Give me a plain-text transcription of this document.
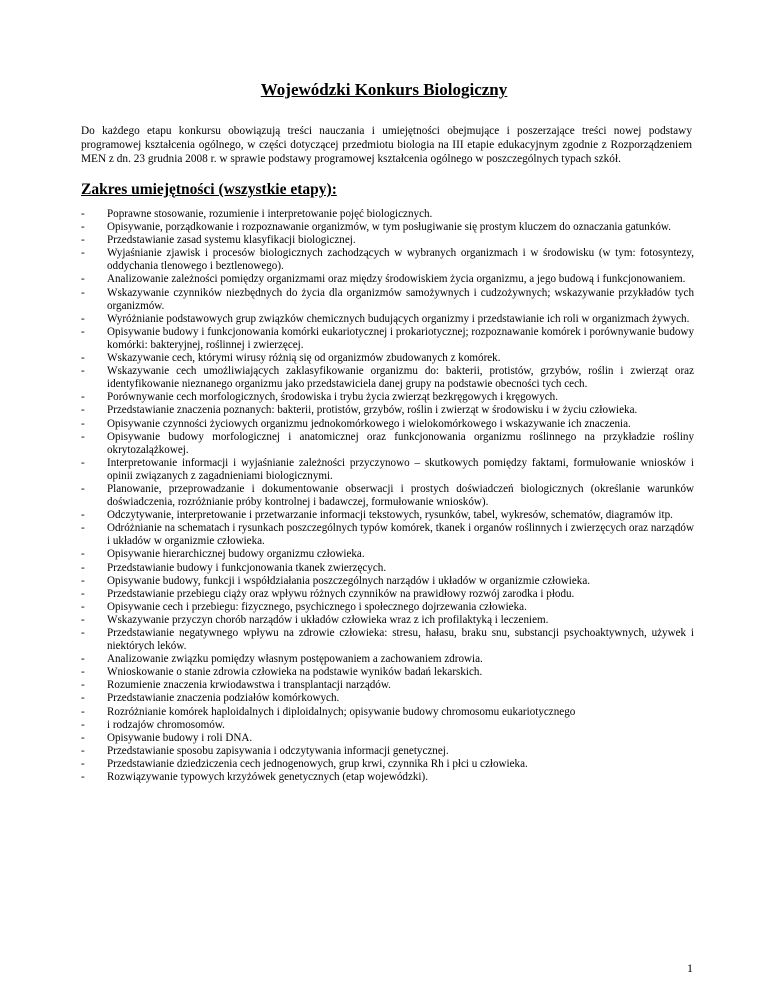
Wojewódzki Konkurs Biologiczny

Do każdego etapu konkursu obowiązują treści nauczania i umiejętności obejmujące i poszerzające treści nowej podstawy programowej kształcenia ogólnego, w części dotyczącej przedmiotu biologia na III etapie edukacyjnym zgodnie z Rozporządzeniem MEN z dn. 23 grudnia 2008 r. w sprawie podstawy programowej kształcenia ogólnego w poszczególnych typach szkół.

Zakres umiejętności (wszystkie etapy):
- Poprawne stosowanie, rozumienie i interpretowanie pojęć biologicznych.
- Opisywanie, porządkowanie i rozpoznawanie organizmów, w tym posługiwanie się prostym kluczem do oznaczania gatunków.
- Przedstawianie zasad systemu klasyfikacji biologicznej.
- Wyjaśnianie zjawisk i procesów biologicznych zachodzących w wybranych organizmach i w środowisku (w tym: fotosyntezy, oddychania tlenowego i beztlenowego).
- Analizowanie zależności pomiędzy organizmami oraz między środowiskiem życia organizmu, a jego budową i funkcjonowaniem.
- Wskazywanie czynników niezbędnych do życia dla organizmów samożywnych i cudzożywnych; wskazywanie przykładów tych organizmów.
- Wyróżnianie podstawowych grup związków chemicznych budujących organizmy i przedstawianie ich roli w organizmach żywych.
- Opisywanie budowy i funkcjonowania komórki eukariotycznej i prokariotycznej; rozpoznawanie komórek i porównywanie budowy komórki: bakteryjnej, roślinnej i zwierzęcej.
- Wskazywanie cech, którymi wirusy różnią się od organizmów zbudowanych z komórek.
- Wskazywanie cech umożliwiających zaklasyfikowanie organizmu do: bakterii, protistów, grzybów, roślin i zwierząt oraz identyfikowanie nieznanego organizmu jako przedstawiciela danej grupy na podstawie obecności tych cech.
- Porównywanie cech morfologicznych, środowiska i trybu życia zwierząt bezkręgowych i kręgowych.
- Przedstawianie znaczenia poznanych: bakterii, protistów, grzybów, roślin i zwierząt w środowisku i w życiu człowieka.
- Opisywanie czynności życiowych organizmu jednokomórkowego i wielokomórkowego i wskazywanie ich znaczenia.
- Opisywanie budowy morfologicznej i anatomicznej oraz funkcjonowania organizmu roślinnego na przykładzie rośliny okrytozalążkowej.
- Interpretowanie informacji i wyjaśnianie zależności przyczynowo – skutkowych pomiędzy faktami, formułowanie wniosków i opinii związanych z zagadnieniami biologicznymi.
- Planowanie, przeprowadzanie i dokumentowanie obserwacji i prostych doświadczeń biologicznych (określanie warunków doświadczenia, rozróżnianie próby kontrolnej i badawczej, formułowanie wniosków).
- Odczytywanie, interpretowanie i przetwarzanie informacji tekstowych, rysunków, tabel, wykresów, schematów, diagramów itp.
- Odróżnianie na schematach i rysunkach poszczególnych typów komórek, tkanek i organów roślinnych i zwierzęcych oraz narządów i układów w organizmie człowieka.
- Opisywanie hierarchicznej budowy organizmu człowieka.
- Przedstawianie budowy i funkcjonowania tkanek zwierzęcych.
- Opisywanie budowy, funkcji i współdziałania poszczególnych narządów i układów w organizmie człowieka.
- Przedstawianie przebiegu ciąży oraz wpływu różnych czynników na prawidłowy rozwój zarodka i płodu.
- Opisywanie cech i przebiegu: fizycznego, psychicznego i społecznego dojrzewania człowieka.
- Wskazywanie przyczyn chorób narządów i układów człowieka wraz z ich profilaktyką i leczeniem.
- Przedstawianie negatywnego wpływu na zdrowie człowieka: stresu, hałasu, braku snu, substancji psychoaktywnych, używek i niektórych leków.
- Analizowanie związku pomiędzy własnym postępowaniem a zachowaniem zdrowia.
- Wnioskowanie o stanie zdrowia człowieka na podstawie wyników badań lekarskich.
- Rozumienie znaczenia krwiodawstwa i transplantacji narządów.
- Przedstawianie znaczenia podziałów komórkowych.
- Rozróżnianie komórek haploidalnych i diploidalnych; opisywanie budowy chromosomu eukariotycznego
- i rodzajów chromosomów.
- Opisywanie budowy i roli DNA.
- Przedstawianie sposobu zapisywania i odczytywania informacji genetycznej.
- Przedstawianie dziedziczenia cech jednogenowych, grup krwi, czynnika Rh i płci u człowieka.
- Rozwiązywanie typowych krzyżówek genetycznych (etap wojewódzki).

1
